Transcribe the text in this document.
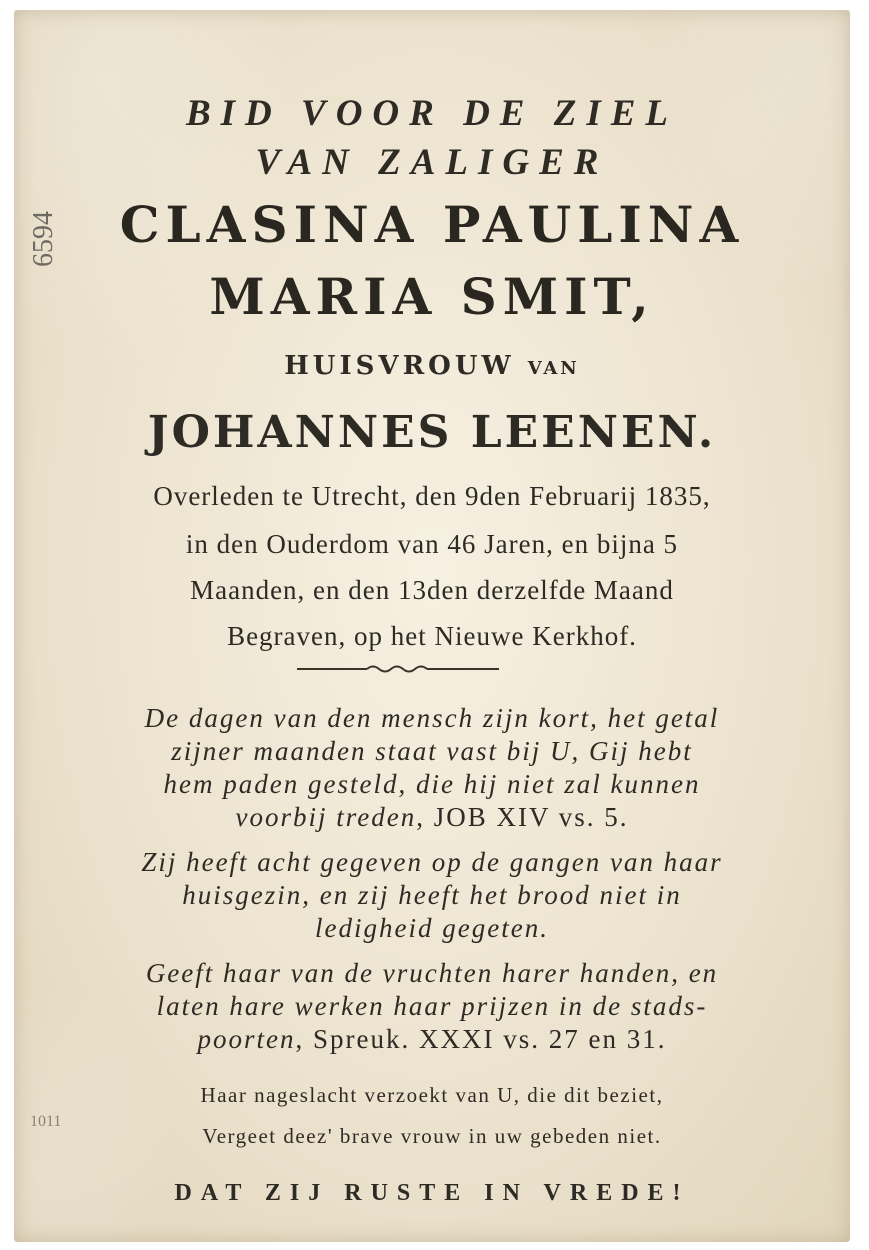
BID VOOR DE ZIEL
VAN ZALIGER
CLASINA PAULINA
MARIA SMIT,
HUISVROUW VAN
JOHANNES LEENEN.
Overleden te Utrecht, den 9den Februarij 1835,
in den Ouderdom van 46 Jaren, en bijna 5
Maanden, en den 13den derzelfde Maand
Begraven, op het Nieuwe Kerkhof.
De dagen van den mensch zijn kort, het getal
zijner maanden staat vast bij U, Gij hebt
hem paden gesteld, die hij niet zal kunnen
voorbij treden, JOB XIV vs. 5.
Zij heeft acht gegeven op de gangen van haar
huisgezin, en zij heeft het brood niet in
ledigheid gegeten.
Geeft haar van de vruchten harer handen, en
laten hare werken haar prijzen in de stads-
poorten, Spreuk. XXXI vs. 27 en 31.
Haar nageslacht verzoekt van U, die dit beziet,
Vergeet deez' brave vrouw in uw gebeden niet.
DAT ZIJ RUSTE IN VREDE!
6594
1011
